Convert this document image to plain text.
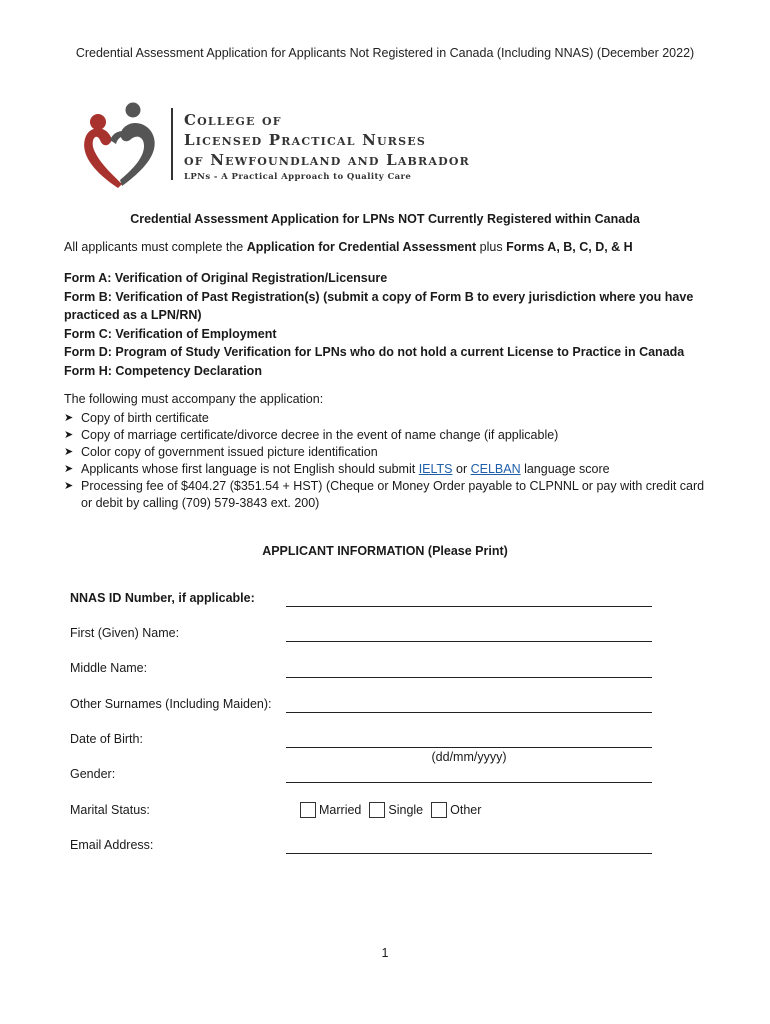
Credential Assessment Application for Applicants Not Registered in Canada (Including NNAS) (December 2022)
College of
Licensed Practical Nurses
of Newfoundland and Labrador
LPNs - A Practical Approach to Quality Care
Credential Assessment Application for LPNs NOT Currently Registered within Canada
All applicants must complete the Application for Credential Assessment plus Forms A, B, C, D, & H
Form A: Verification of Original Registration/Licensure
Form B: Verification of Past Registration(s) (submit a copy of Form B to every jurisdiction where you have practiced as a LPN/RN)
Form C: Verification of Employment
Form D: Program of Study Verification for LPNs who do not hold a current License to Practice in Canada
Form H: Competency Declaration
The following must accompany the application:
➤ Copy of birth certificate
➤ Copy of marriage certificate/divorce decree in the event of name change (if applicable)
➤ Color copy of government issued picture identification
➤ Applicants whose first language is not English should submit IELTS or CELBAN language score
➤ Processing fee of $404.27 ($351.54 + HST) (Cheque or Money Order payable to CLPNNL or pay with credit card or debit by calling (709) 579-3843 ext. 200)
APPLICANT INFORMATION (Please Print)
NNAS ID Number, if applicable:
First (Given) Name:
Middle Name:
Other Surnames (Including Maiden):
Date of Birth:
(dd/mm/yyyy)
Gender:
Marital Status:	Married Single Other
Email Address:
1
